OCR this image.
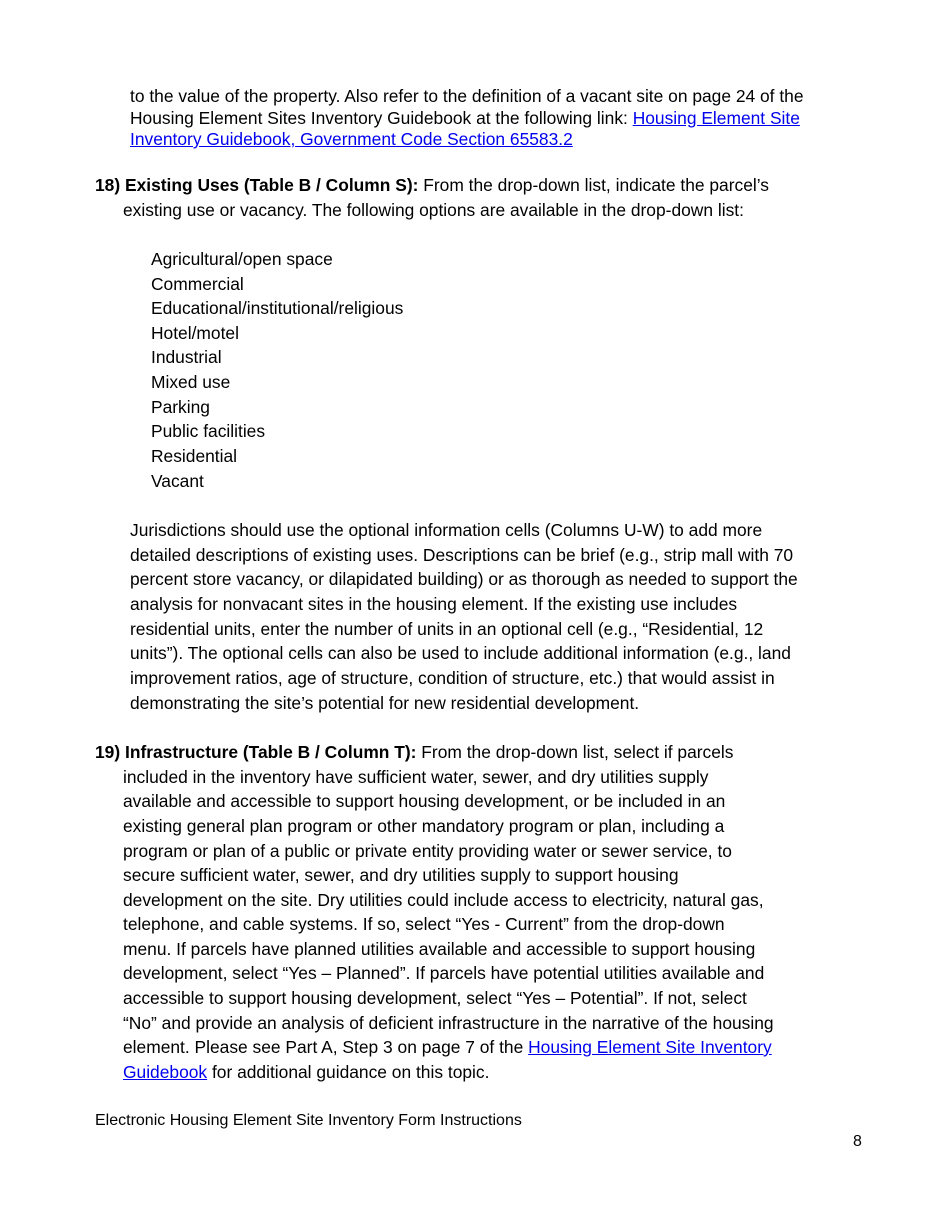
to the value of the property. Also refer to the definition of a vacant site on page 24 of the

Housing Element Sites Inventory Guidebook at the following link: Housing Element Site

Inventory Guidebook, Government Code Section 65583.2

18) Existing Uses (Table B / Column S): From the drop-down list, indicate the parcel’s

existing use or vacancy. The following options are available in the drop-down list:

Agricultural/open space

Commercial

Educational/institutional/religious

Hotel/motel

Industrial

Mixed use

Parking

Public facilities

Residential

Vacant

Jurisdictions should use the optional information cells (Columns U-W) to add more

detailed descriptions of existing uses. Descriptions can be brief (e.g., strip mall with 70

percent store vacancy, or dilapidated building) or as thorough as needed to support the

analysis for nonvacant sites in the housing element. If the existing use includes

residential units, enter the number of units in an optional cell (e.g., “Residential, 12

units”). The optional cells can also be used to include additional information (e.g., land

improvement ratios, age of structure, condition of structure, etc.) that would assist in

demonstrating the site’s potential for new residential development.

19) Infrastructure (Table B / Column T): From the drop-down list, select if parcels

included in the inventory have sufficient water, sewer, and dry utilities supply

available and accessible to support housing development, or be included in an

existing general plan program or other mandatory program or plan, including a

program or plan of a public or private entity providing water or sewer service, to

secure sufficient water, sewer, and dry utilities supply to support housing

development on the site. Dry utilities could include access to electricity, natural gas,

telephone, and cable systems. If so, select “Yes - Current” from the drop-down

menu. If parcels have planned utilities available and accessible to support housing

development, select “Yes – Planned”. If parcels have potential utilities available and

accessible to support housing development, select “Yes – Potential”. If not, select

“No” and provide an analysis of deficient infrastructure in the narrative of the housing

element. Please see Part A, Step 3 on page 7 of the Housing Element Site Inventory

Guidebook for additional guidance on this topic.

Electronic Housing Element Site Inventory Form Instructions

8
